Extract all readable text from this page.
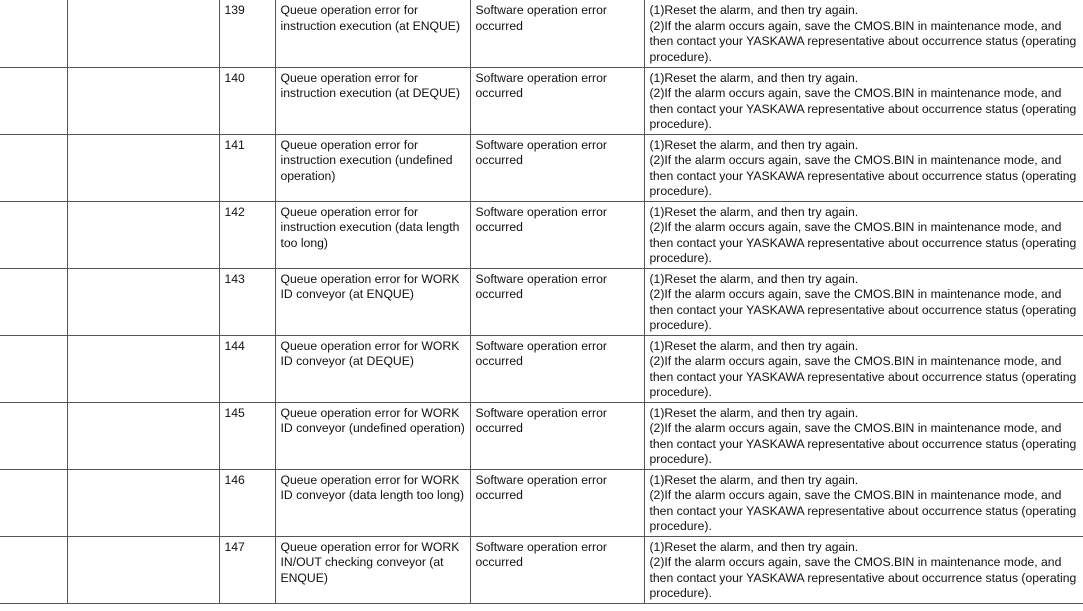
		139	Queue operation error for
instruction execution (at ENQUE)	Software operation error
occurred	(1)Reset the alarm, and then try again.
(2)If the alarm occurs again, save the CMOS.BIN in maintenance mode, and
then contact your YASKAWA representative about occurrence status (operating
procedure).

		140	Queue operation error for
instruction execution (at DEQUE)	Software operation error
occurred	(1)Reset the alarm, and then try again.
(2)If the alarm occurs again, save the CMOS.BIN in maintenance mode, and
then contact your YASKAWA representative about occurrence status (operating
procedure).

		141	Queue operation error for
instruction execution (undefined
operation)	Software operation error
occurred	(1)Reset the alarm, and then try again.
(2)If the alarm occurs again, save the CMOS.BIN in maintenance mode, and
then contact your YASKAWA representative about occurrence status (operating
procedure).

		142	Queue operation error for
instruction execution (data length
too long)	Software operation error
occurred	(1)Reset the alarm, and then try again.
(2)If the alarm occurs again, save the CMOS.BIN in maintenance mode, and
then contact your YASKAWA representative about occurrence status (operating
procedure).

		143	Queue operation error for WORK
ID conveyor (at ENQUE)	Software operation error
occurred	(1)Reset the alarm, and then try again.
(2)If the alarm occurs again, save the CMOS.BIN in maintenance mode, and
then contact your YASKAWA representative about occurrence status (operating
procedure).

		144	Queue operation error for WORK
ID conveyor (at DEQUE)	Software operation error
occurred	(1)Reset the alarm, and then try again.
(2)If the alarm occurs again, save the CMOS.BIN in maintenance mode, and
then contact your YASKAWA representative about occurrence status (operating
procedure).

		145	Queue operation error for WORK
ID conveyor (undefined operation)	Software operation error
occurred	(1)Reset the alarm, and then try again.
(2)If the alarm occurs again, save the CMOS.BIN in maintenance mode, and
then contact your YASKAWA representative about occurrence status (operating
procedure).

		146	Queue operation error for WORK
ID conveyor (data length too long)	Software operation error
occurred	(1)Reset the alarm, and then try again.
(2)If the alarm occurs again, save the CMOS.BIN in maintenance mode, and
then contact your YASKAWA representative about occurrence status (operating
procedure).

		147	Queue operation error for WORK
IN/OUT checking conveyor (at
ENQUE)	Software operation error
occurred	(1)Reset the alarm, and then try again.
(2)If the alarm occurs again, save the CMOS.BIN in maintenance mode, and
then contact your YASKAWA representative about occurrence status (operating
procedure).
